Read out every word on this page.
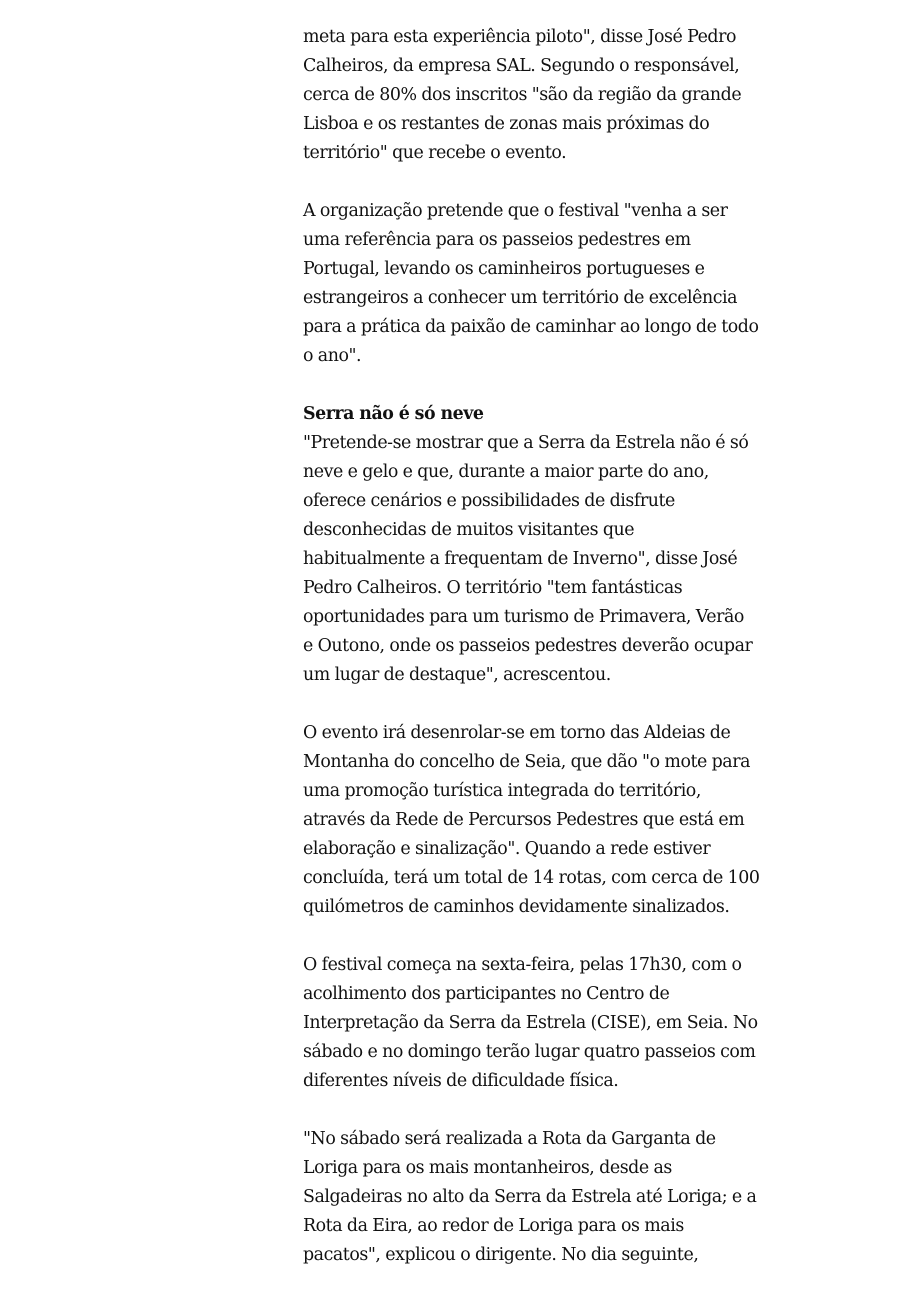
meta para esta experiência piloto", disse José Pedro
Calheiros, da empresa SAL. Segundo o responsável,
cerca de 80% dos inscritos "são da região da grande
Lisboa e os restantes de zonas mais próximas do
território" que recebe o evento.

A organização pretende que o festival "venha a ser
uma referência para os passeios pedestres em
Portugal, levando os caminheiros portugueses e
estrangeiros a conhecer um território de excelência
para a prática da paixão de caminhar ao longo de todo
o ano".

Serra não é só neve

"Pretende-se mostrar que a Serra da Estrela não é só
neve e gelo e que, durante a maior parte do ano,
oferece cenários e possibilidades de disfrute
desconhecidas de muitos visitantes que
habitualmente a frequentam de Inverno", disse José
Pedro Calheiros. O território "tem fantásticas
oportunidades para um turismo de Primavera, Verão
e Outono, onde os passeios pedestres deverão ocupar
um lugar de destaque", acrescentou.

O evento irá desenrolar-se em torno das Aldeias de
Montanha do concelho de Seia, que dão "o mote para
uma promoção turística integrada do território,
através da Rede de Percursos Pedestres que está em
elaboração e sinalização". Quando a rede estiver
concluída, terá um total de 14 rotas, com cerca de 100
quilómetros de caminhos devidamente sinalizados.

O festival começa na sexta-feira, pelas 17h30, com o
acolhimento dos participantes no Centro de
Interpretação da Serra da Estrela (CISE), em Seia. No
sábado e no domingo terão lugar quatro passeios com
diferentes níveis de dificuldade física.

"No sábado será realizada a Rota da Garganta de
Loriga para os mais montanheiros, desde as
Salgadeiras no alto da Serra da Estrela até Loriga; e a
Rota da Eira, ao redor de Loriga para os mais
pacatos", explicou o dirigente. No dia seguinte,
